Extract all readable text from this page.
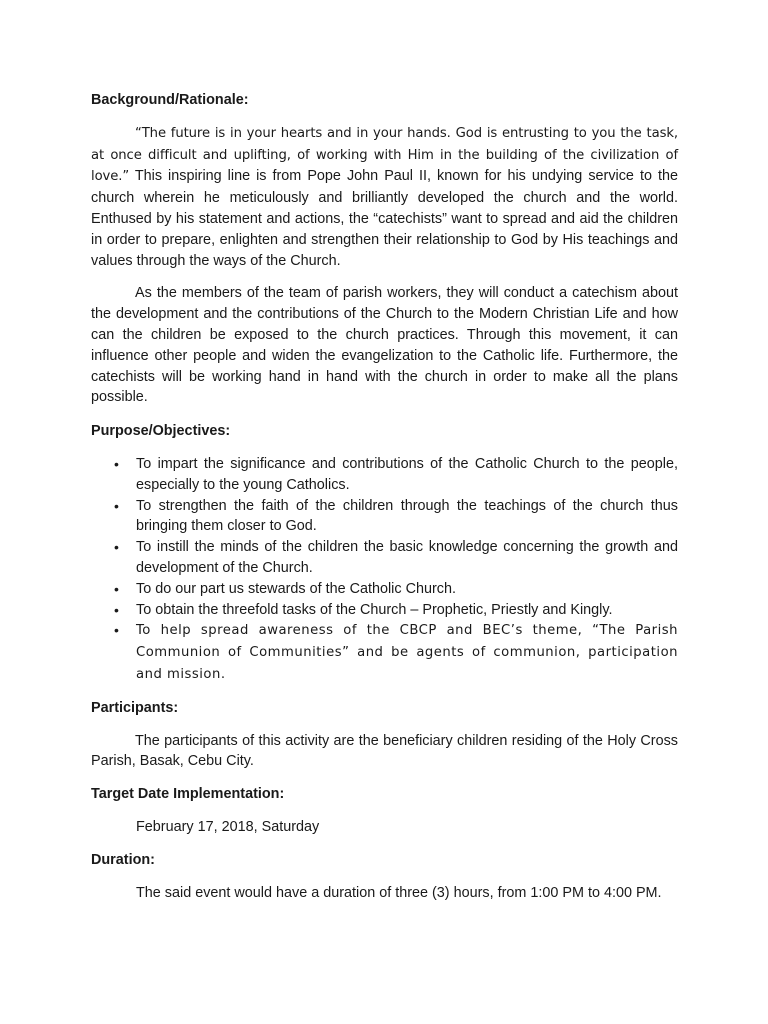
Background/Rationale:

“The future is in your hearts and in your hands. God is entrusting to you the task, at once difficult and uplifting, of working with Him in the building of the civilization of love.” This inspiring line is from Pope John Paul II, known for his undying service to the church wherein he meticulously and brilliantly developed the church and the world. Enthused by his statement and actions, the “catechists” want to spread and aid the children in order to prepare, enlighten and strengthen their relationship to God by His teachings and values through the ways of the Church.

As the members of the team of parish workers, they will conduct a catechism about the development and the contributions of the Church to the Modern Christian Life and how can the children be exposed to the church practices. Through this movement, it can influence other people and widen the evangelization to the Catholic life. Furthermore, the catechists will be working hand in hand with the church in order to make all the plans possible.

Purpose/Objectives:

• To impart the significance and contributions of the Catholic Church to the people, especially to the young Catholics.
• To strengthen the faith of the children through the teachings of the church thus bringing them closer to God.
• To instill the minds of the children the basic knowledge concerning the growth and development of the Church.
• To do our part us stewards of the Catholic Church.
• To obtain the threefold tasks of the Church – Prophetic, Priestly and Kingly.
• To help spread awareness of the CBCP and BEC’s theme, “The Parish Communion of Communities” and be agents of communion, participation and mission.

Participants:

The participants of this activity are the beneficiary children residing of the Holy Cross Parish, Basak, Cebu City.

Target Date Implementation:

February 17, 2018, Saturday

Duration:

The said event would have a duration of three (3) hours, from 1:00 PM to 4:00 PM.
